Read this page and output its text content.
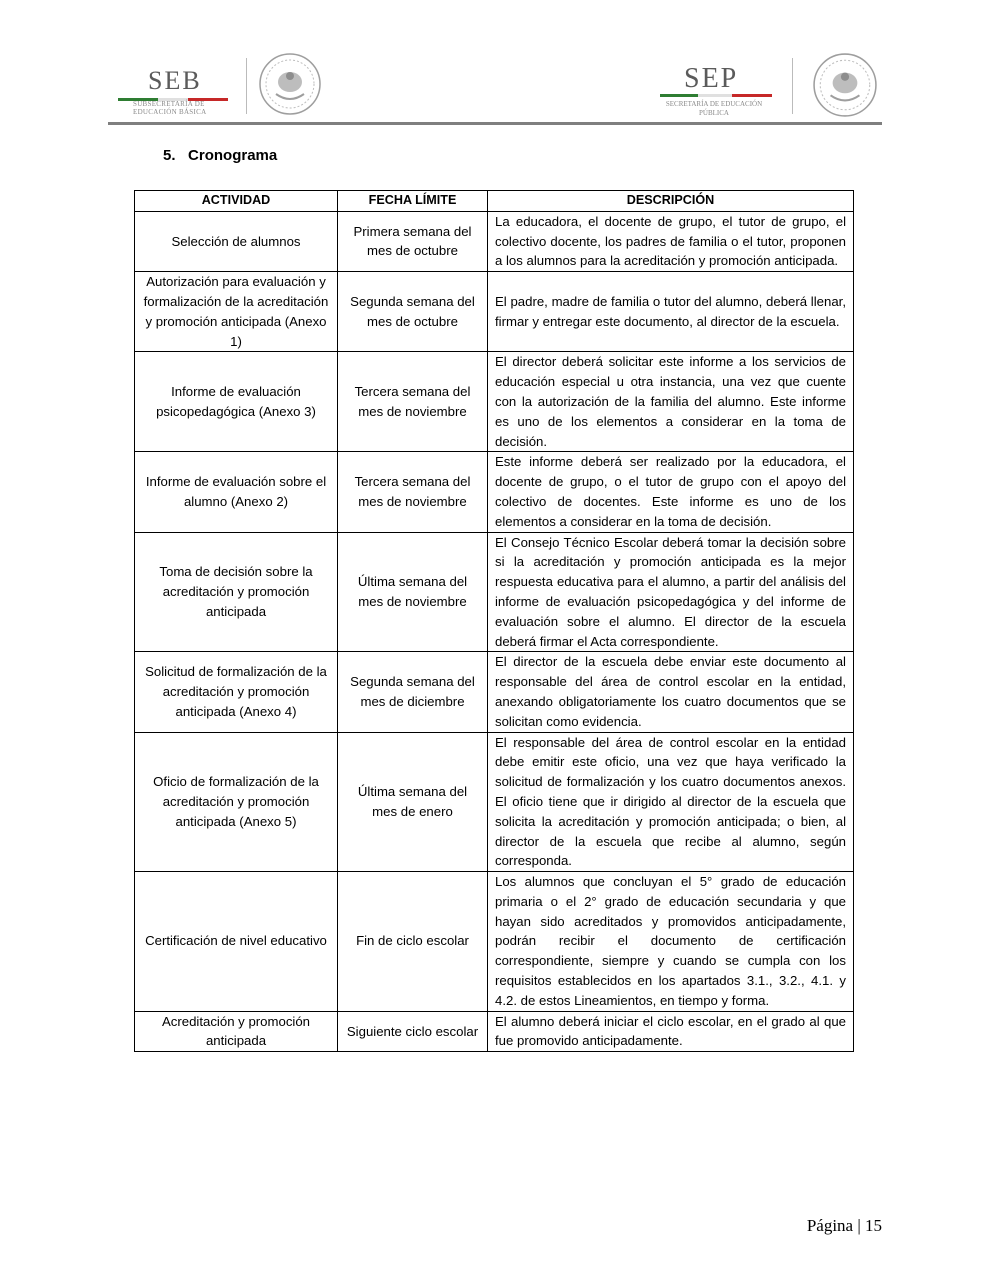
SEB
SUBSECRETARÍA DE EDUCACIÓN BÁSICA
SEP
SECRETARÍA DE EDUCACIÓN PÚBLICA
5. Cronograma
ACTIVIDAD	FECHA LÍMITE	DESCRIPCIÓN
Selección de alumnos	Primera semana del mes de octubre	La educadora, el docente de grupo, el tutor de grupo, el colectivo docente, los padres de familia o el tutor, proponen a los alumnos para la acreditación y promoción anticipada.
Autorización para evaluación y formalización de la acreditación y promoción anticipada (Anexo 1)	Segunda semana del mes de octubre	El padre, madre de familia o tutor del alumno, deberá llenar, firmar y entregar este documento, al director de la escuela.
Informe de evaluación psicopedagógica (Anexo 3)	Tercera semana del mes de noviembre	El director deberá solicitar este informe a los servicios de educación especial u otra instancia, una vez que cuente con la autorización de la familia del alumno. Este informe es uno de los elementos a considerar en la toma de decisión.
Informe de evaluación sobre el alumno (Anexo 2)	Tercera semana del mes de noviembre	Este informe deberá ser realizado por la educadora, el docente de grupo, o el tutor de grupo con el apoyo del colectivo de docentes. Este informe es uno de los elementos a considerar en la toma de decisión.
Toma de decisión sobre la acreditación y promoción anticipada	Última semana del mes de noviembre	El Consejo Técnico Escolar deberá tomar la decisión sobre si la acreditación y promoción anticipada es la mejor respuesta educativa para el alumno, a partir del análisis del informe de evaluación psicopedagógica y del informe de evaluación sobre el alumno. El director de la escuela deberá firmar el Acta correspondiente.
Solicitud de formalización de la acreditación y promoción anticipada (Anexo 4)	Segunda semana del mes de diciembre	El director de la escuela debe enviar este documento al responsable del área de control escolar en la entidad, anexando obligatoriamente los cuatro documentos que se solicitan como evidencia.
Oficio de formalización de la acreditación y promoción anticipada (Anexo 5)	Última semana del mes de enero	El responsable del área de control escolar en la entidad debe emitir este oficio, una vez que haya verificado la solicitud de formalización y los cuatro documentos anexos. El oficio tiene que ir dirigido al director de la escuela que solicita la acreditación y promoción anticipada; o bien, al director de la escuela que recibe al alumno, según corresponda.
Certificación de nivel educativo	Fin de ciclo escolar	Los alumnos que concluyan el 5° grado de educación primaria o el 2° grado de educación secundaria y que hayan sido acreditados y promovidos anticipadamente, podrán recibir el documento de certificación correspondiente, siempre y cuando se cumpla con los requisitos establecidos en los apartados 3.1., 3.2., 4.1. y 4.2. de estos Lineamientos, en tiempo y forma.
Acreditación y promoción anticipada	Siguiente ciclo escolar	El alumno deberá iniciar el ciclo escolar, en el grado al que fue promovido anticipadamente.
Página | 15
